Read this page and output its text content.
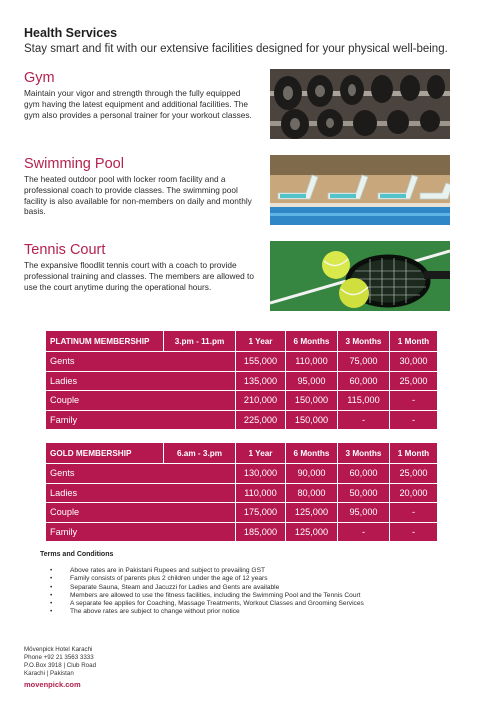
Health Services

Stay smart and fit with our extensive facilities designed for your physical well-being.

Gym

Maintain your vigor and strength through the fully equipped gym having the latest equipment and additional facilities. The gym also provides a personal trainer for your workout classes.

Swimming Pool

The heated outdoor pool with locker room facility and a professional coach to provide classes. The swimming pool facility is also available for non-members on daily and monthly basis.

Tennis Court

The expansive floodlit tennis court with a coach to provide professional training and classes. The members are allowed to use the court anytime during the operational hours.

PLATINUM MEMBERSHIP	3.pm - 11.pm	1 Year	6 Months	3 Months	1 Month
Gents		155,000	110,000	75,000	30,000
Ladies		135,000	95,000	60,000	25,000
Couple		210,000	150,000	115,000	-
Family		225,000	150,000	-	-
GOLD MEMBERSHIP	6.am - 3.pm	1 Year	6 Months	3 Months	1 Month
Gents		130,000	90,000	60,000	25,000
Ladies		110,000	80,000	50,000	20,000
Couple		175,000	125,000	95,000	-
Family		185,000	125,000	-	-
Terms and Conditions
• Above rates are in Pakistani Rupees and subject to prevailing GST
• Family consists of parents plus 2 children under the age of 12 years
• Separate Sauna, Steam and Jacuzzi for Ladies and Gents are available
• Members are allowed to use the fitness facilities, including the Swimming Pool and the Tennis Court
• A separate fee applies for Coaching, Massage Treatments, Workout Classes and Grooming Services
• The above rates are subject to change without prior notice
Mövenpick Hotel Karachi
Phone +92 21 3563 3333
P.O.Box 3918 | Club Road
Karachi | Pakistan
movenpick.com
